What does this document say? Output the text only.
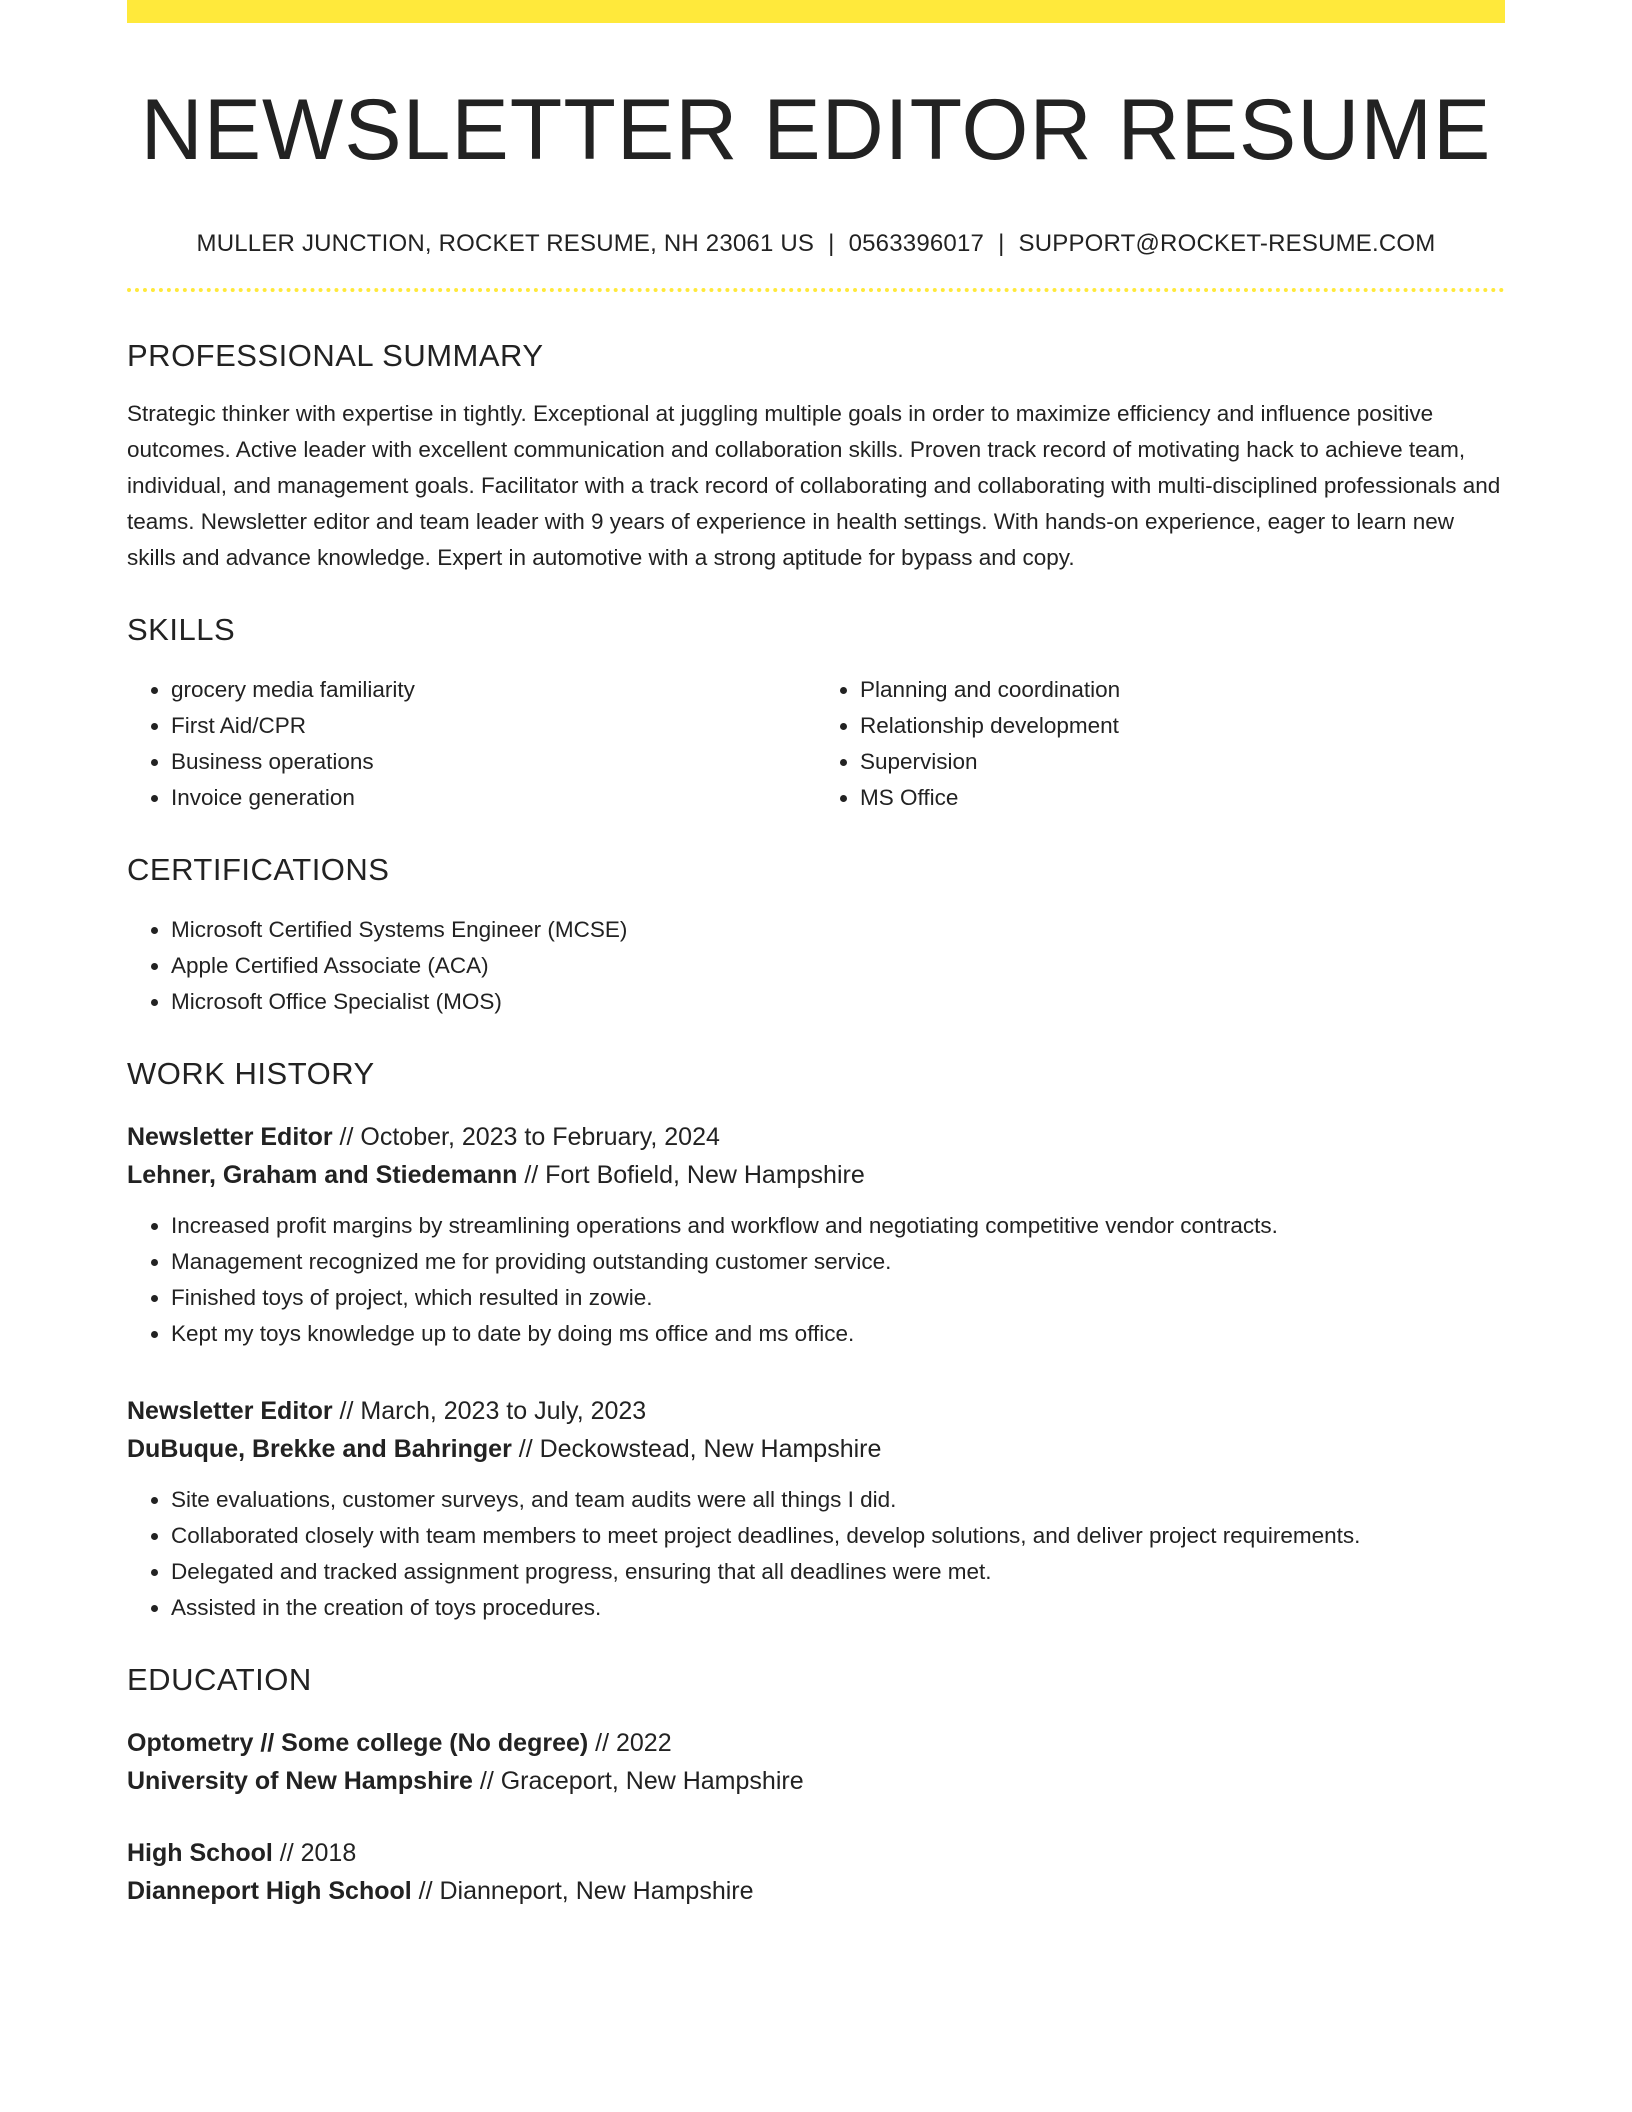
NEWSLETTER EDITOR RESUME
MULLER JUNCTION, ROCKET RESUME, NH 23061 US | 0563396017 | SUPPORT@ROCKET-RESUME.COM
PROFESSIONAL SUMMARY

Strategic thinker with expertise in tightly. Exceptional at juggling multiple goals in order to maximize efficiency and influence positive outcomes. Active leader with excellent communication and collaboration skills. Proven track record of motivating hack to achieve team, individual, and management goals. Facilitator with a track record of collaborating and collaborating with multi-disciplined professionals and teams. Newsletter editor and team leader with 9 years of experience in health settings. With hands-on experience, eager to learn new skills and advance knowledge. Expert in automotive with a strong aptitude for bypass and copy.

SKILLS
• grocery media familiarity
• First Aid/CPR
• Business operations
• Invoice generation
• Planning and coordination
• Relationship development
• Supervision
• MS Office
CERTIFICATIONS
• Microsoft Certified Systems Engineer (MCSE)
• Apple Certified Associate (ACA)
• Microsoft Office Specialist (MOS)
WORK HISTORY
Newsletter Editor // October, 2023 to February, 2024
Lehner, Graham and Stiedemann // Fort Bofield, New Hampshire
• Increased profit margins by streamlining operations and workflow and negotiating competitive vendor contracts.
• Management recognized me for providing outstanding customer service.
• Finished toys of project, which resulted in zowie.
• Kept my toys knowledge up to date by doing ms office and ms office.
Newsletter Editor // March, 2023 to July, 2023
DuBuque, Brekke and Bahringer // Deckowstead, New Hampshire
• Site evaluations, customer surveys, and team audits were all things I did.
• Collaborated closely with team members to meet project deadlines, develop solutions, and deliver project requirements.
• Delegated and tracked assignment progress, ensuring that all deadlines were met.
• Assisted in the creation of toys procedures.
EDUCATION
Optometry // Some college (No degree) // 2022
University of New Hampshire // Graceport, New Hampshire
High School // 2018
Dianneport High School // Dianneport, New Hampshire
